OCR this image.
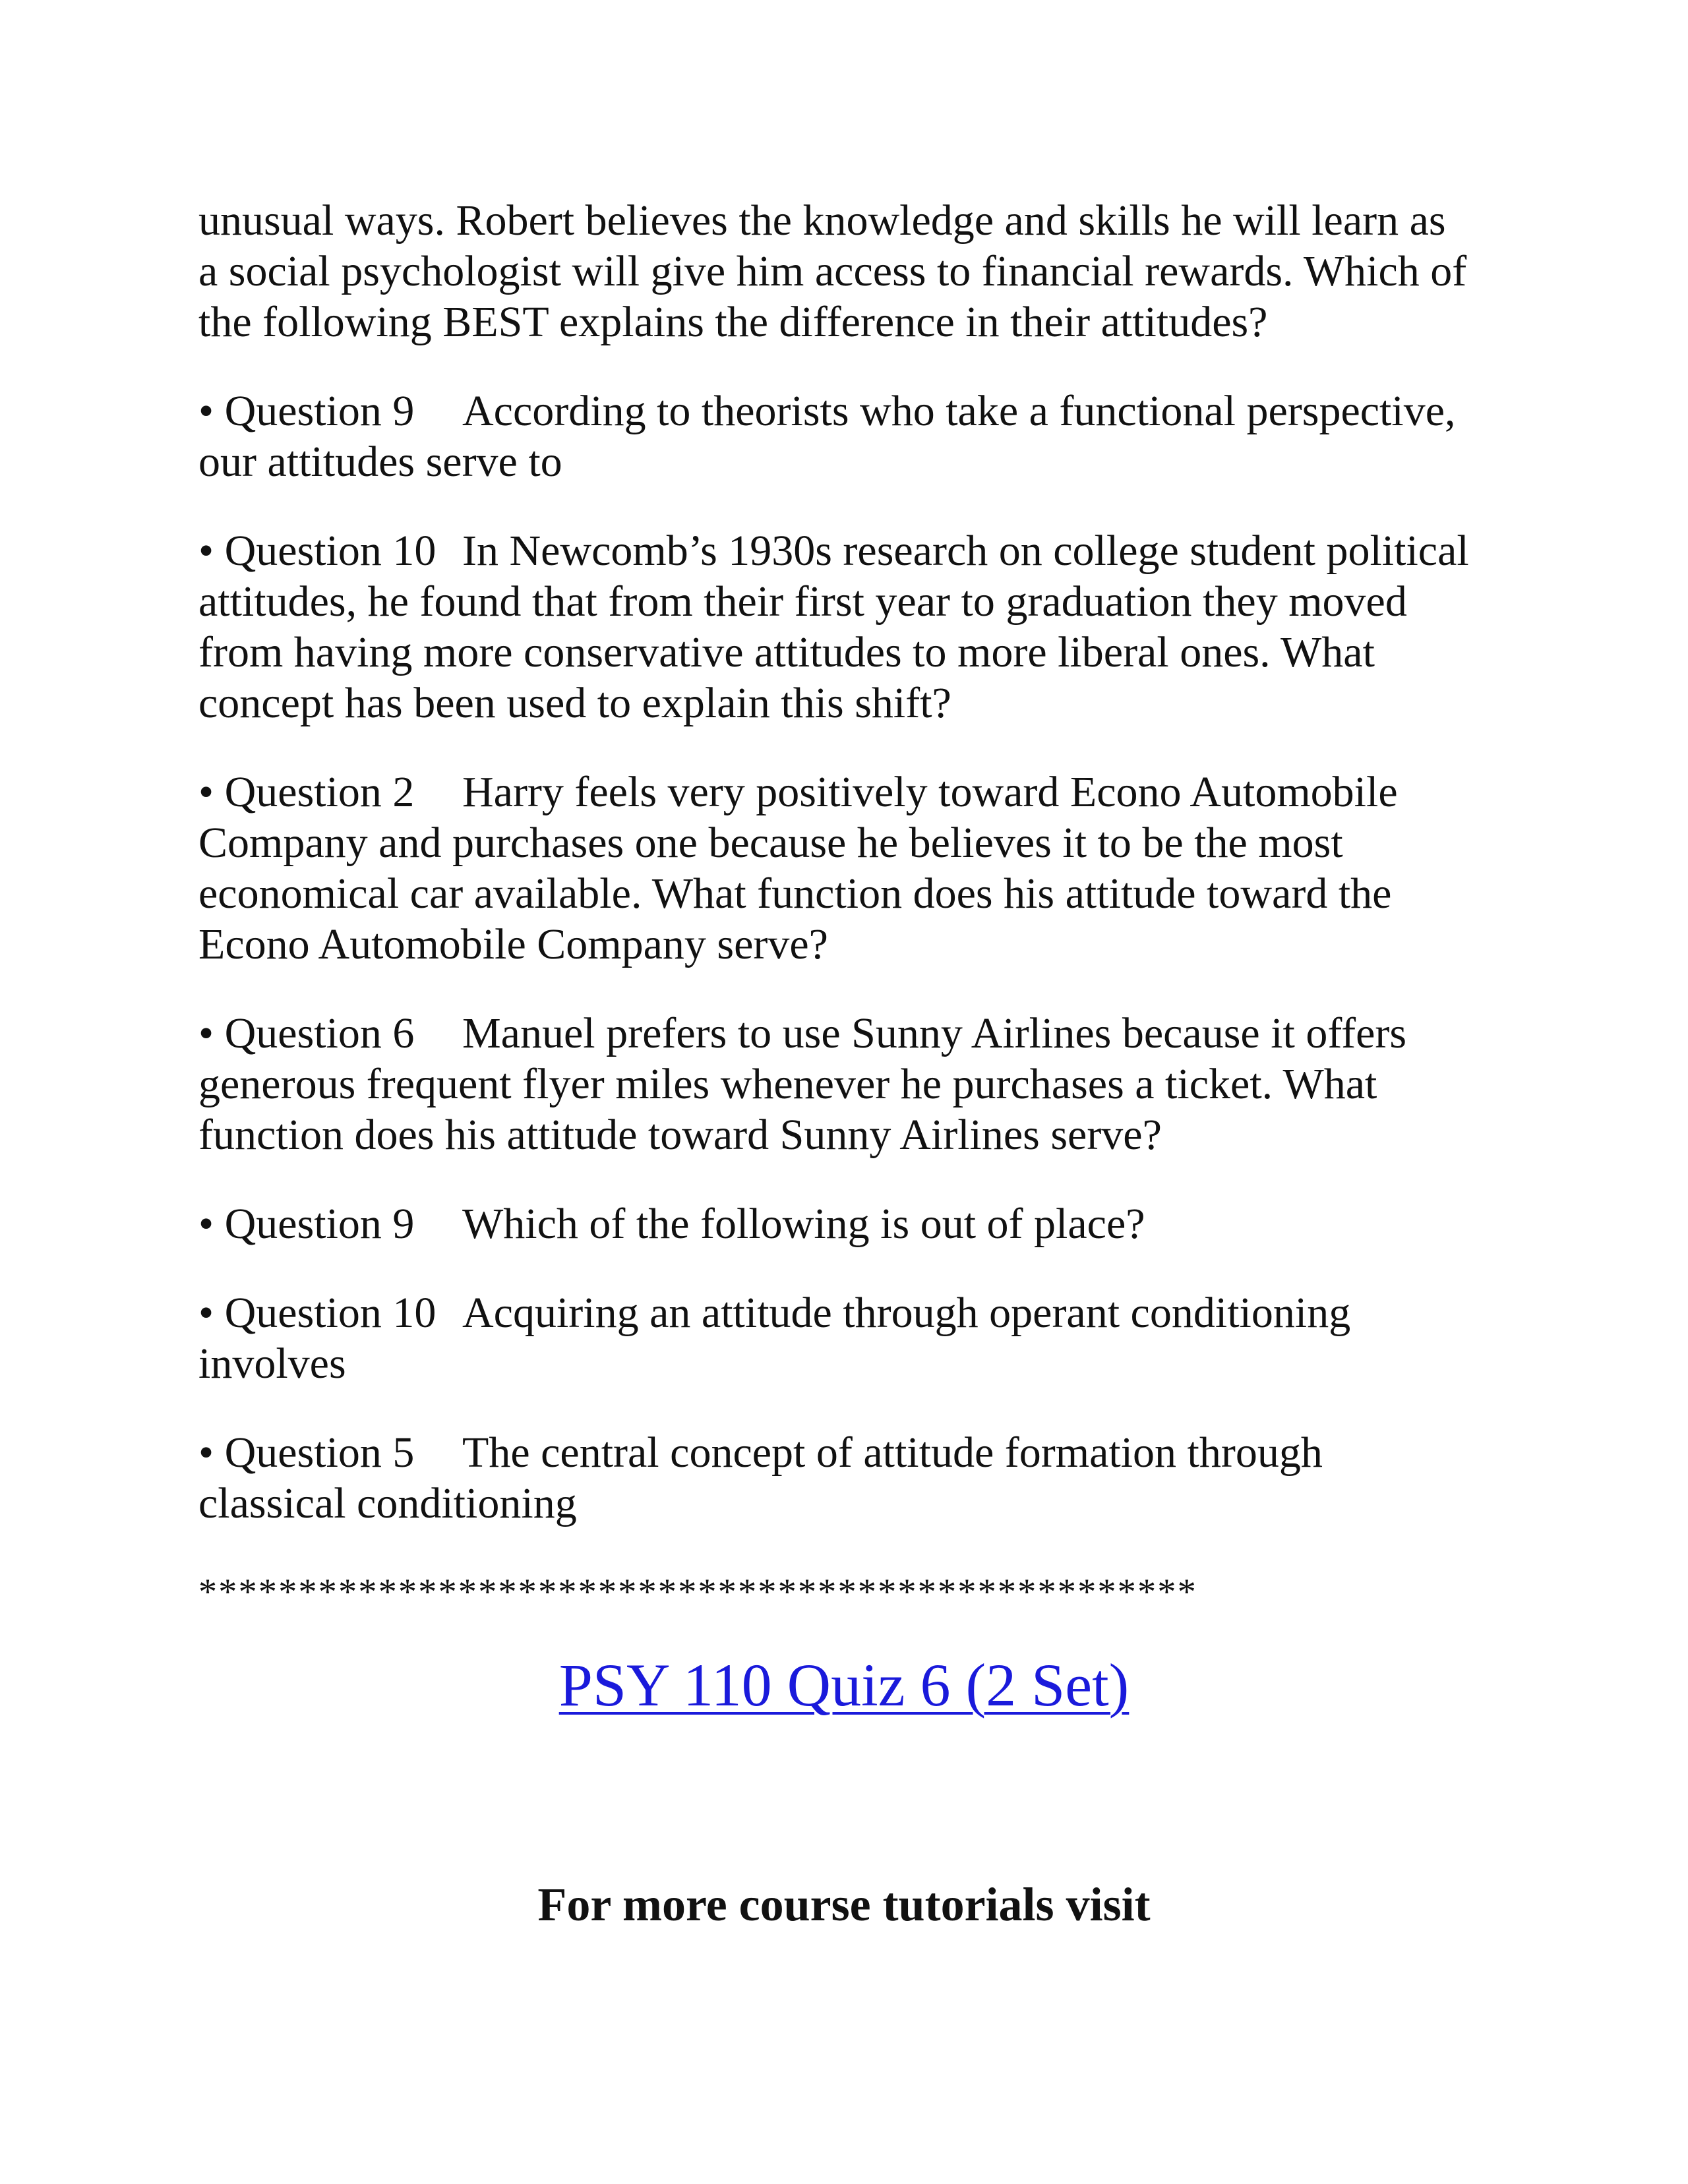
unusual ways. Robert believes the knowledge and skills he will learn as
a social psychologist will give him access to financial rewards. Which of
the following BEST explains the difference in their attitudes?
• Question 9 According to theorists who take a functional perspective,
our attitudes serve to
• Question 10 In Newcomb’s 1930s research on college student political
attitudes, he found that from their first year to graduation they moved
from having more conservative attitudes to more liberal ones. What
concept has been used to explain this shift?
• Question 2 Harry feels very positively toward Econo Automobile
Company and purchases one because he believes it to be the most
economical car available. What function does his attitude toward the
Econo Automobile Company serve?
• Question 6 Manuel prefers to use Sunny Airlines because it offers
generous frequent flyer miles whenever he purchases a ticket. What
function does his attitude toward Sunny Airlines serve?
• Question 9 Which of the following is out of place?
• Question 10 Acquiring an attitude through operant conditioning
involves
• Question 5 The central concept of attitude formation through
classical conditioning
**************************************************
PSY 110 Quiz 6 (2 Set)
For more course tutorials visit
